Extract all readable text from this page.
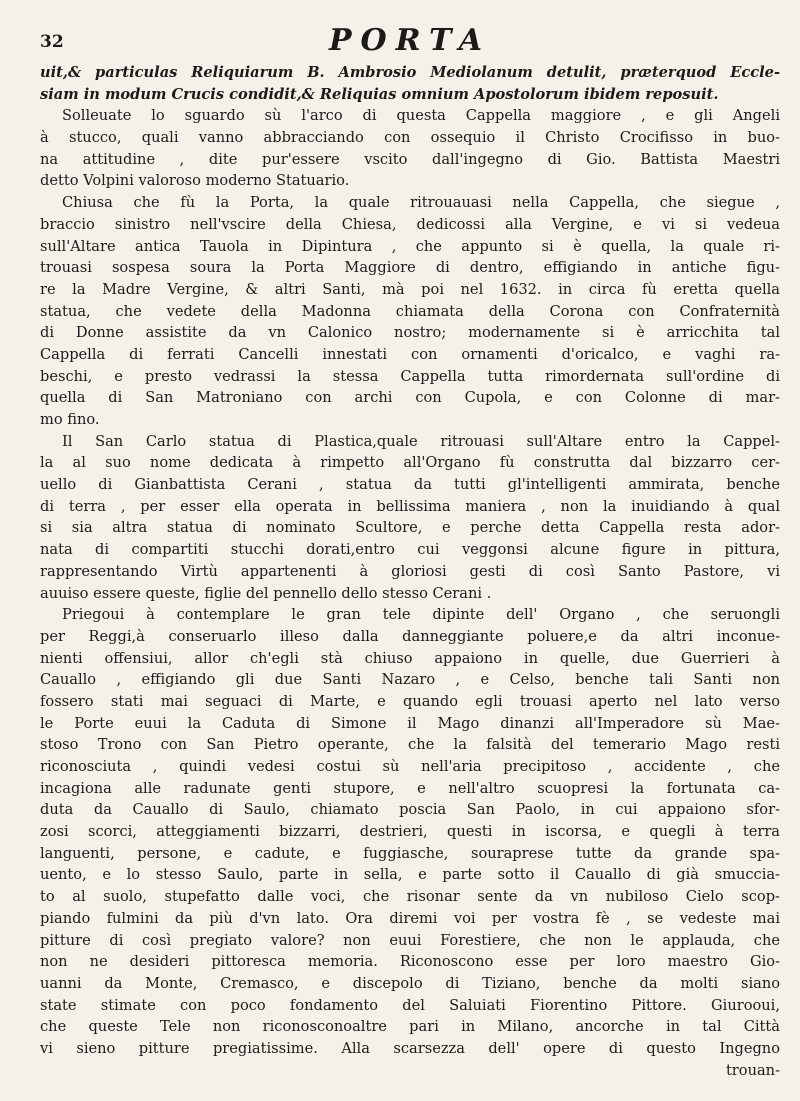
32	PORTA
uit,& particulas Reliquiarum B. Ambrosio Mediolanum detulit, præterquod Eccle-
siam in modum Crucis condidit,& Reliquias omnium Apostolorum ibidem reposuit.
Solleuate lo sguardo sù l'arco di questa Cappella maggiore , e gli Angeli
à stucco, quali vanno abbracciando con ossequio il Christo Crocifisso in buo-
na attitudine , dite pur'essere vscito dall'ingegno di Gio. Battista Maestri
detto Volpini valoroso moderno Statuario.
Chiusa che fù la Porta, la quale ritrouauasi nella Cappella, che siegue ,
braccio sinistro nell'vscire della Chiesa, dedicossi alla Vergine, e vi si vedeua
sull'Altare antica Tauola in Dipintura , che appunto si è quella, la quale ri-
trouasi sospesa soura la Porta Maggiore di dentro, effigiando in antiche figu-
re la Madre Vergine, & altri Santi, mà poi nel 1632. in circa fù eretta quella
statua, che vedete della Madonna chiamata della Corona con Confraternità
di Donne assistite da vn Calonico nostro; modernamente si è arricchita tal
Cappella di ferrati Cancelli innestati con ornamenti d'oricalco, e vaghi ra-
beschi, e presto vedrassi la stessa Cappella tutta rimordernata sull'ordine di
quella di San Matroniano con archi con Cupola, e con Colonne di mar-
mo fino.
Il San Carlo statua di Plastica,quale ritrouasi sull'Altare entro la Cappel-
la al suo nome dedicata à rimpetto all'Organo fù construtta dal bizzarro cer-
uello di Gianbattista Cerani , statua da tutti gl'intelligenti ammirata, benche
di terra , per esser ella operata in bellissima maniera , non la inuidiando à qual
si sia altra statua di nominato Scultore, e perche detta Cappella resta ador-
nata di compartiti stucchi dorati,entro cui veggonsi alcune figure in pittura,
rappresentando Virtù appartenenti à gloriosi gesti di così Santo Pastore, vi
auuiso essere queste, figlie del pennello dello stesso Cerani .
Priegoui à contemplare le gran tele dipinte dell' Organo , che seruongli
per Reggi,à conseruarlo illeso dalla danneggiante poluere,e da altri inconue-
nienti offensiui, allor ch'egli stà chiuso appaiono in quelle, due Guerrieri à
Cauallo , effigiando gli due Santi Nazaro , e Celso, benche tali Santi non
fossero stati mai seguaci di Marte, e quando egli trouasi aperto nel lato verso
le Porte euui la Caduta di Simone il Mago dinanzi all'Imperadore sù Mae-
stoso Trono con San Pietro operante, che la falsità del temerario Mago resti
riconosciuta , quindi vedesi costui sù nell'aria precipitoso , accidente , che
incagiona alle radunate genti stupore, e nell'altro scuopresi la fortunata ca-
duta da Cauallo di Saulo, chiamato poscia San Paolo, in cui appaiono sfor-
zosi scorci, atteggiamenti bizzarri, destrieri, questi in iscorsa, e quegli à terra
languenti, persone, e cadute, e fuggiasche, souraprese tutte da grande spa-
uento, e lo stesso Saulo, parte in sella, e parte sotto il Cauallo di già smuccia-
to al suolo, stupefatto dalle voci, che risonar sente da vn nubiloso Cielo scop-
piando fulmini da più d'vn lato. Ora diremi voi per vostra fè , se vedeste mai
pitture di così pregiato valore? non euui Forestiere, che non le applauda, che
non ne desideri pittoresca memoria. Riconoscono esse per loro maestro Gio-
uanni da Monte, Cremasco, e discepolo di Tiziano, benche da molti siano
state stimate con poco fondamento del Saluiati Fiorentino Pittore. Giurooui,
che queste Tele non riconosconoaltre pari in Milano, ancorche in tal Città
vi sieno pitture pregiatissime. Alla scarsezza dell' opere di questo Ingegno
trouan-
